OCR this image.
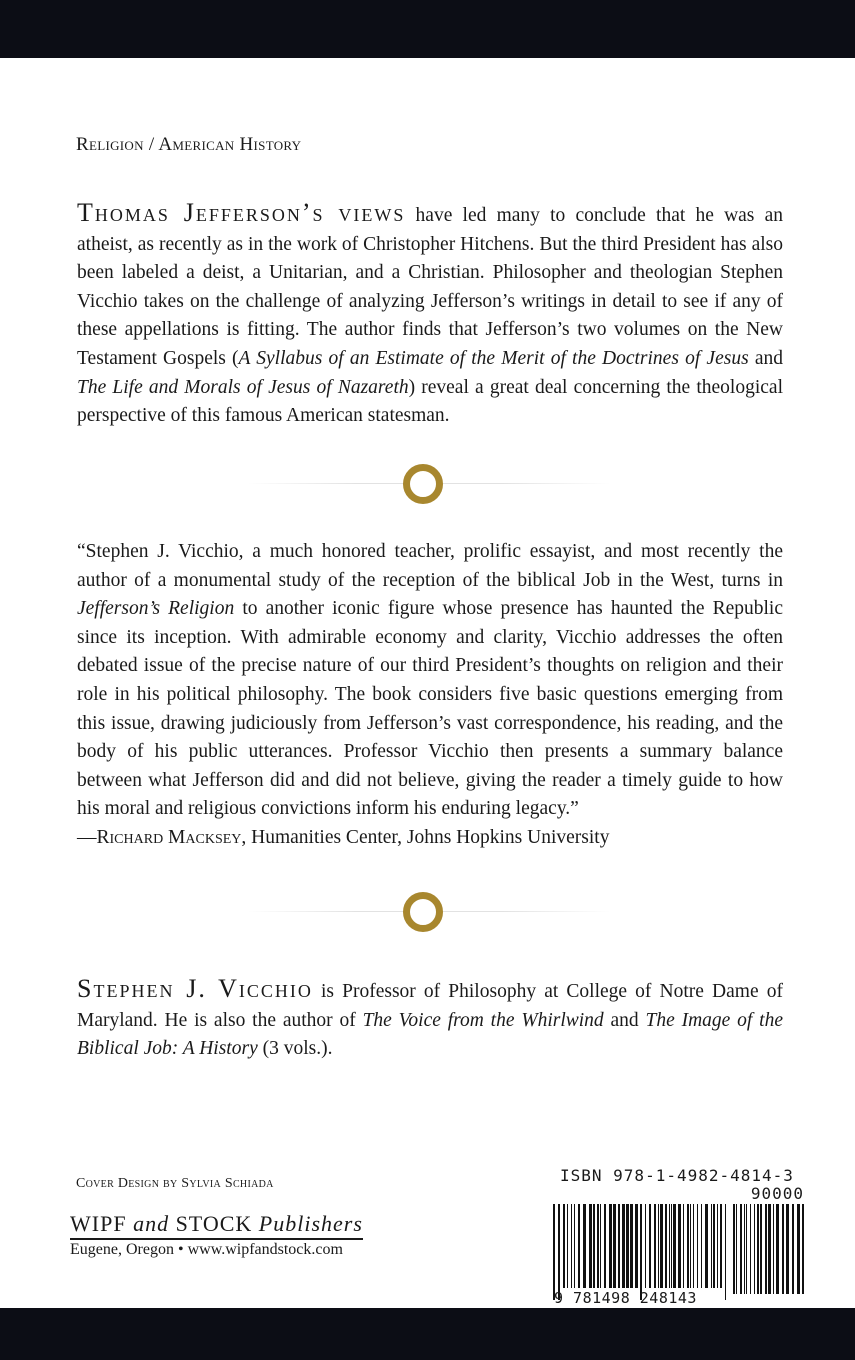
Religion / American History

Thomas Jefferson’s views have led many to conclude that he was an atheist, as recently as in the work of Christopher Hitchens. But the third President has also been labeled a deist, a Unitarian, and a Christian. Philosopher and theologian Stephen Vicchio takes on the challenge of analyzing Jefferson’s writings in detail to see if any of these appellations is fitting. The author finds that Jefferson’s two volumes on the New Testament Gospels (A Syllabus of an Estimate of the Merit of the Doctrines of Jesus and The Life and Morals of Jesus of Nazareth) reveal a great deal concerning the theological perspective of this famous American statesman.

“Stephen J. Vicchio, a much honored teacher, prolific essayist, and most recently the author of a monumental study of the reception of the biblical Job in the West, turns in Jefferson’s Religion to another iconic figure whose presence has haunted the Republic since its inception. With admirable economy and clarity, Vicchio addresses the often debated issue of the precise nature of our third President’s thoughts on religion and their role in his political philosophy. The book considers five basic questions emerging from this issue, drawing judiciously from Jefferson’s vast correspondence, his reading, and the body of his public utterances. Professor Vicchio then presents a summary balance between what Jefferson did and did not believe, giving the reader a timely guide to how his moral and religious convictions inform his enduring legacy.”
—Richard Macksey, Humanities Center, Johns Hopkins University

Stephen J. Vicchio is Professor of Philosophy at College of Notre Dame of Maryland. He is also the author of The Voice from the Whirlwind and The Image of the Biblical Job: A History (3 vols.).

Cover Design by Sylvia Schiada
WIPF and STOCK Publishers
Eugene, Oregon • www.wipfandstock.com
ISBN 978-1-4982-4814-3
90000
9 781498 248143
